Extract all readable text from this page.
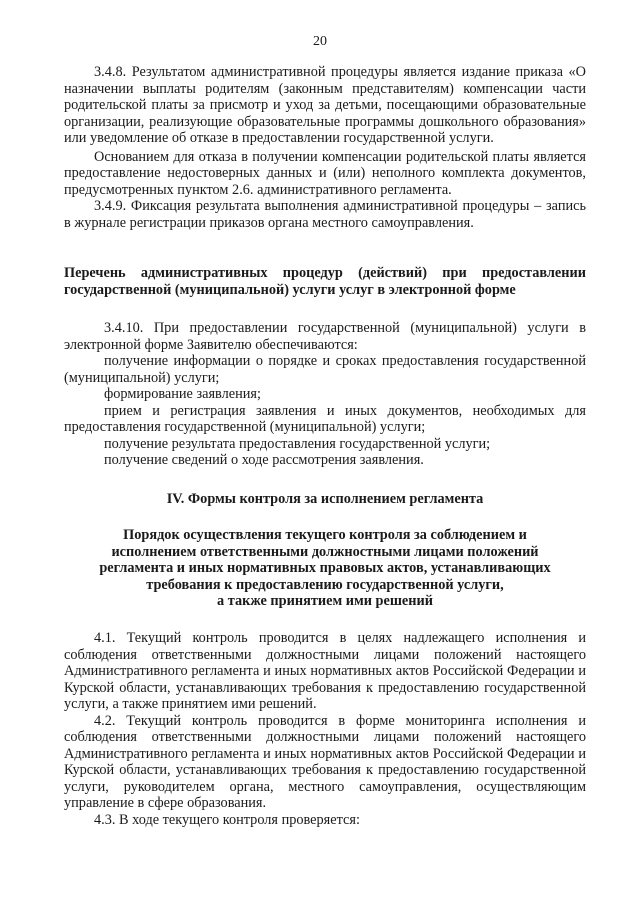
20

3.4.8. Результатом административной процедуры является издание приказа «О назначении выплаты родителям (законным представителям) компенсации части родительской платы за присмотр и уход за детьми, посещающими образовательные организации, реализующие образовательные программы дошкольного образования» или уведомление об отказе в предоставлении государственной услуги.

Основанием для отказа в получении компенсации родительской платы является предоставление недостоверных данных и (или) неполного комплекта документов, предусмотренных пунктом 2.6. административного регламента.

3.4.9. Фиксация результата выполнения административной процедуры – запись в журнале регистрации приказов органа местного самоуправления.

Перечень административных процедур (действий) при предоставлении государственной (муниципальной) услуги услуг в электронной форме

3.4.10. При предоставлении государственной (муниципальной) услуги в электронной форме Заявителю обеспечиваются:

получение информации о порядке и сроках предоставления государственной (муниципальной) услуги;

формирование заявления;

прием и регистрация заявления и иных документов, необходимых для предоставления государственной (муниципальной) услуги;

получение результата предоставления государственной услуги;

получение сведений о ходе рассмотрения заявления.

IV. Формы контроля за исполнением регламента

Порядок осуществления текущего контроля за соблюдением и

исполнением ответственными должностными лицами положений

регламента и иных нормативных правовых актов, устанавливающих

требования к предоставлению государственной услуги,

а также принятием ими решений

4.1. Текущий контроль проводится в целях надлежащего исполнения и соблюдения ответственными должностными лицами положений настоящего Административного регламента и иных нормативных актов Российской Федерации и Курской области, устанавливающих требования к предоставлению государственной услуги, а также принятием ими решений.

4.2. Текущий контроль проводится в форме мониторинга исполнения и соблюдения ответственными должностными лицами положений настоящего Административного регламента и иных нормативных актов Российской Федерации и Курской области, устанавливающих требования к предоставлению государственной услуги, руководителем органа, местного самоуправления, осуществляющим управление в сфере образования.

4.3. В ходе текущего контроля проверяется:
